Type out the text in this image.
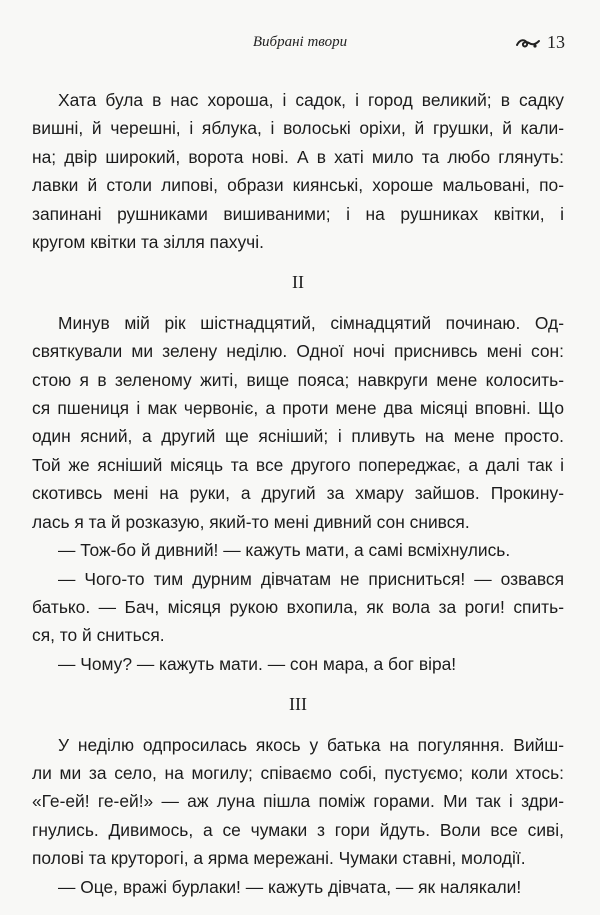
Вибрані твори	13
Хата була в нас хороша, і садок, і город великий; в садку
вишні, й черешні, і яблука, і волоські оріхи, й грушки, й кали-
на; двір широкий, ворота нові. А в хаті мило та любо глянуть:
лавки й столи липові, образи киянські, хороше мальовані, по-
запинані рушниками вишиваними; і на рушниках квітки, і
кругом квітки та зілля пахучі.
II
Минув мій рік шістнадцятий, сімнадцятий починаю. Од-
святкували ми зелену неділю. Одної ночі приснивсь мені сон:
стою я в зеленому житі, вище пояса; навкруги мене колосить-
ся пшениця і мак червоніє, а проти мене два місяці вповні. Що
один ясний, а другий ще ясніший; і пливуть на мене просто.
Той же ясніший місяць та все другого попереджає, а далі так і
скотивсь мені на руки, а другий за хмару зайшов. Прокину-
лась я та й розказую, який-то мені дивний сон снився.
— Тож-бо й дивний! — кажуть мати, а самі всміхнулись.
— Чого-то тим дурним дівчатам не присниться! — озвався
батько. — Бач, місяця рукою вхопила, як вола за роги! спить-
ся, то й сниться.
— Чому? — кажуть мати. — сон мара, а бог віра!
III
У неділю одпросилась якось у батька на погуляння. Вийш-
ли ми за село, на могилу; співаємо собі, пустуємо; коли хтось:
«Ге-ей! ге-ей!» — аж луна пішла поміж горами. Ми так і здри-
гнулись. Дивимось, а се чумаки з гори йдуть. Воли все сиві,
полові та круторогі, а ярма мережані. Чумаки ставні, молодії.
— Оце, вражі бурлаки! — кажуть дівчата, — як налякали!
